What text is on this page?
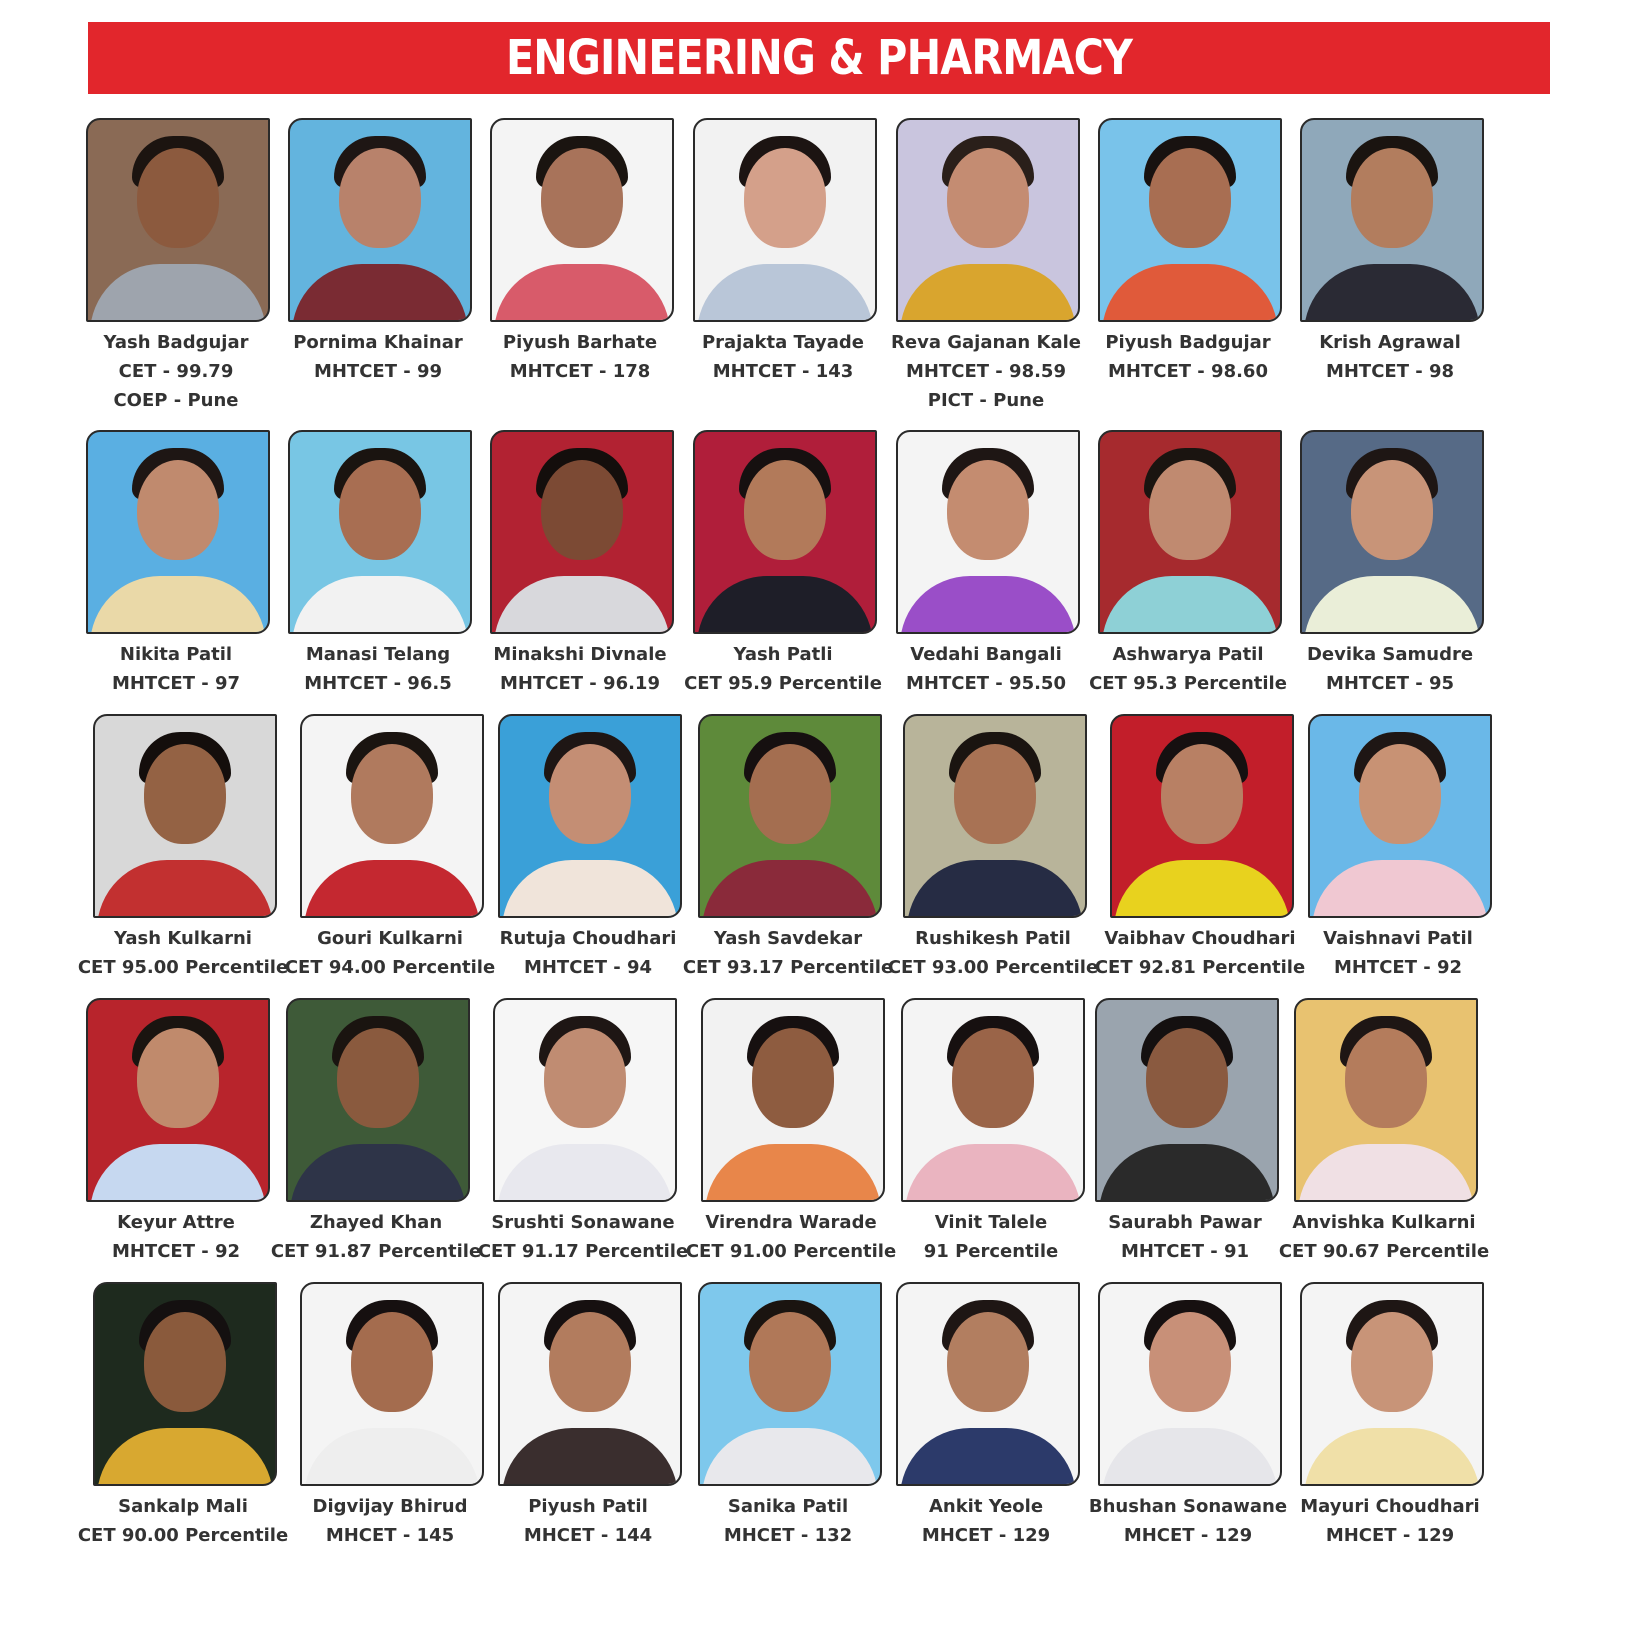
ENGINEERING & PHARMACY
Yash Badgujar
CET - 99.79
COEP - Pune
Pornima Khainar
MHTCET - 99
Piyush Barhate
MHTCET - 178
Prajakta Tayade
MHTCET - 143
Reva Gajanan Kale
MHTCET - 98.59
PICT - Pune
Piyush Badgujar
MHTCET - 98.60
Krish Agrawal
MHTCET - 98
Nikita Patil
MHTCET - 97
Manasi Telang
MHTCET - 96.5
Minakshi Divnale
MHTCET - 96.19
Yash Patli
CET 95.9 Percentile
Vedahi Bangali
MHTCET - 95.50
Ashwarya Patil
CET 95.3 Percentile
Devika Samudre
MHTCET - 95
Yash Kulkarni
CET 95.00 Percentile
Gouri Kulkarni
CET 94.00 Percentile
Rutuja Choudhari
MHTCET - 94
Yash Savdekar
CET 93.17 Percentile
Rushikesh Patil
CET 93.00 Percentile
Vaibhav Choudhari
CET 92.81 Percentile
Vaishnavi Patil
MHTCET - 92
Keyur Attre
MHTCET - 92
Zhayed Khan
CET 91.87 Percentile
Srushti Sonawane
CET 91.17 Percentile
Virendra Warade
CET 91.00 Percentile
Vinit Talele
91 Percentile
Saurabh Pawar
MHTCET - 91
Anvishka Kulkarni
CET 90.67 Percentile
Sankalp Mali
CET 90.00 Percentile
Digvijay Bhirud
MHCET - 145
Piyush Patil
MHCET - 144
Sanika Patil
MHCET - 132
Ankit Yeole
MHCET - 129
Bhushan Sonawane
MHCET - 129
Mayuri Choudhari
MHCET - 129
